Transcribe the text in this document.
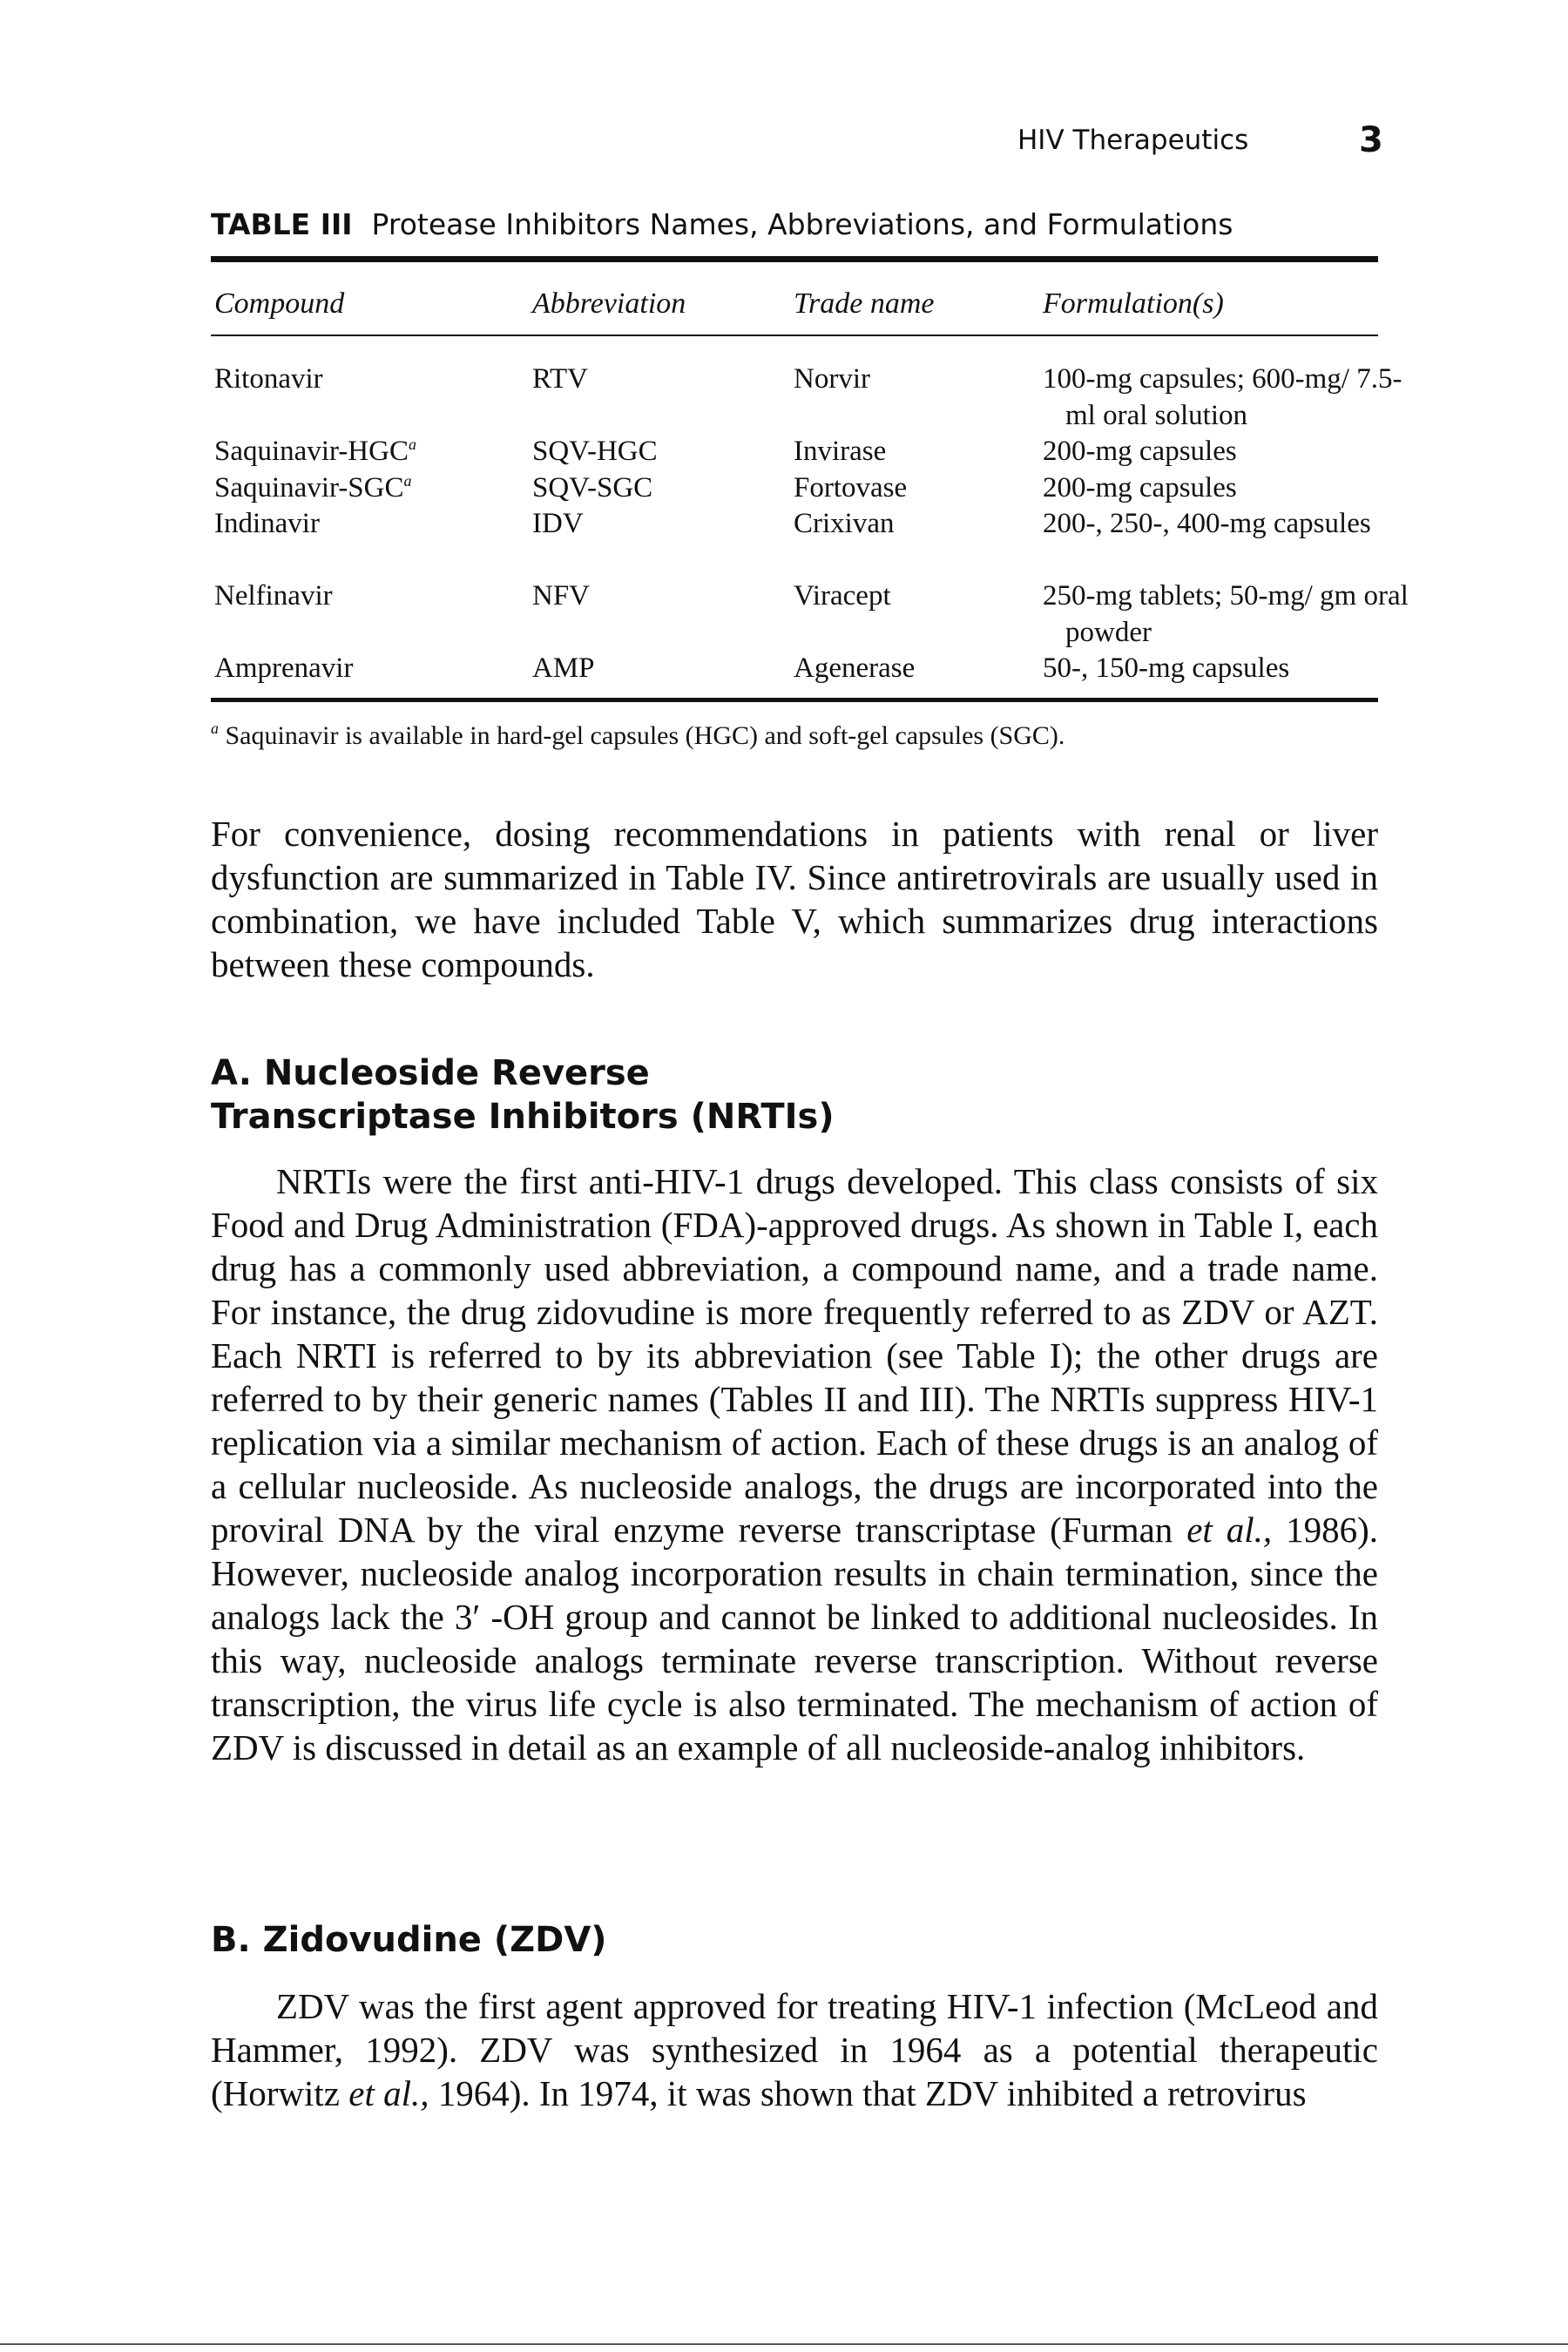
HIV Therapeutics	3
TABLE III Protease Inhibitors Names, Abbreviations, and Formulations
Compound	Abbreviation	Trade name	Formulation(s)
Ritonavir	RTV	Norvir	100-mg capsules; 600-mg/ 7.5-ml oral solution
Saquinavir-HGC$^a$	SQV-HGC	Invirase	200-mg capsules
Saquinavir-SGC$^a$	SQV-SGC	Fortovase	200-mg capsules
Indinavir	IDV	Crixivan	200-, 250-, 400-mg capsules
Nelfinavir	NFV	Viracept	250-mg tablets; 50-mg/ gm oral powder
Amprenavir	AMP	Agenerase	50-, 150-mg capsules
$^a$ Saquinavir is available in hard-gel capsules (HGC) and soft-gel capsules (SGC).

For convenience, dosing recommendations in patients with renal or liver dysfunction are summarized in Table IV. Since antiretrovirals are usually used in combination, we have included Table V, which summarizes drug interactions between these compounds.

A. Nucleoside Reverse
Transcriptase Inhibitors (NRTIs)

NRTIs were the first anti-HIV-1 drugs developed. This class consists of six Food and Drug Administration (FDA)-approved drugs. As shown in Table I, each drug has a commonly used abbreviation, a compound name, and a trade name. For instance, the drug zidovudine is more frequently referred to as ZDV or AZT. Each NRTI is referred to by its abbreviation (see Table I); the other drugs are referred to by their generic names (Tables II and III). The NRTIs suppress HIV-1 replication via a similar mechanism of action. Each of these drugs is an analog of a cellular nucleoside. As nucleoside analogs, the drugs are incorporated into the proviral DNA by the viral enzyme reverse transcriptase (Furman et al., 1986). However, nucleoside analog incorporation results in chain termination, since the analogs lack the 3′ -OH group and cannot be linked to additional nucleosides. In this way, nucleoside analogs terminate reverse transcription. Without reverse transcription, the virus life cycle is also terminated. The mechanism of action of ZDV is discussed in detail as an example of all nucleoside-analog inhibitors.

B. Zidovudine (ZDV)

ZDV was the first agent approved for treating HIV-1 infection (McLeod and Hammer, 1992). ZDV was synthesized in 1964 as a potential therapeutic (Horwitz et al., 1964). In 1974, it was shown that ZDV inhibited a retrovirus
